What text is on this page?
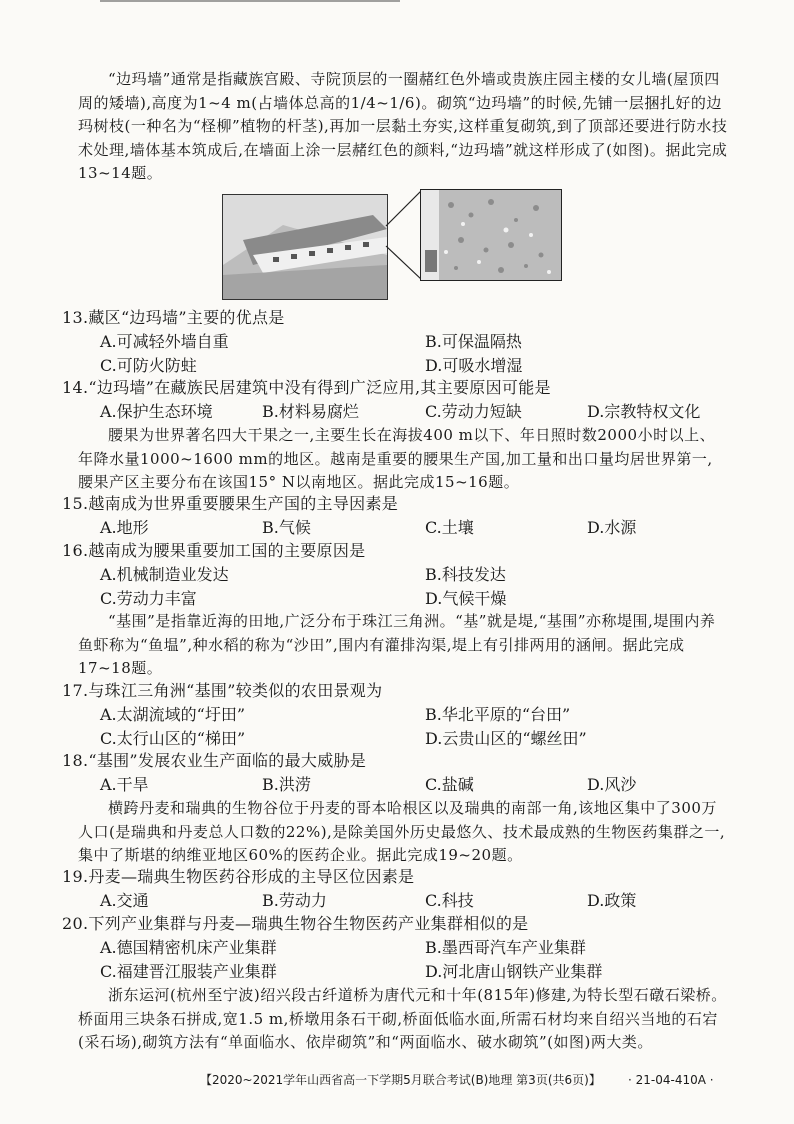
“边玛墙”通常是指藏族宫殿、寺院顶层的一圈赭红色外墙或贵族庄园主楼的女儿墙(屋顶四周的矮墙),高度为1~4 m(占墙体总高的1/4~1/6)。砌筑“边玛墙”的时候,先铺一层捆扎好的边玛树枝(一种名为“柽柳”植物的杆茎),再加一层黏土夯实,这样重复砌筑,到了顶部还要进行防水技术处理,墙体基本筑成后,在墙面上涂一层赭红色的颜料,“边玛墙”就这样形成了(如图)。据此完成13~14题。
13.藏区“边玛墙”主要的优点是
A.可减轻外墙自重	B.可保温隔热
C.可防火防蛀	D.可吸水增湿
14.“边玛墙”在藏族民居建筑中没有得到广泛应用,其主要原因可能是
A.保护生态环境	B.材料易腐烂	C.劳动力短缺	D.宗教特权文化
腰果为世界著名四大干果之一,主要生长在海拔400 m以下、年日照时数2000小时以上、年降水量1000~1600 mm的地区。越南是重要的腰果生产国,加工量和出口量均居世界第一,腰果产区主要分布在该国15° N以南地区。据此完成15~16题。
15.越南成为世界重要腰果生产国的主导因素是
A.地形	B.气候	C.土壤	D.水源
16.越南成为腰果重要加工国的主要原因是
A.机械制造业发达	B.科技发达
C.劳动力丰富	D.气候干燥
“基围”是指靠近海的田地,广泛分布于珠江三角洲。“基”就是堤,“基围”亦称堤围,堤围内养鱼虾称为“鱼塭”,种水稻的称为“沙田”,围内有灌排沟渠,堤上有引排两用的涵闸。据此完成17~18题。
17.与珠江三角洲“基围”较类似的农田景观为
A.太湖流域的“圩田”	B.华北平原的“台田”
C.太行山区的“梯田”	D.云贵山区的“螺丝田”
18.“基围”发展农业生产面临的最大威胁是
A.干旱	B.洪涝	C.盐碱	D.风沙
横跨丹麦和瑞典的生物谷位于丹麦的哥本哈根区以及瑞典的南部一角,该地区集中了300万人口(是瑞典和丹麦总人口数的22%),是除美国外历史最悠久、技术最成熟的生物医药集群之一,集中了斯堪的纳维亚地区60%的医药企业。据此完成19~20题。
19.丹麦—瑞典生物医药谷形成的主导区位因素是
A.交通	B.劳动力	C.科技	D.政策
20.下列产业集群与丹麦—瑞典生物谷生物医药产业集群相似的是
A.德国精密机床产业集群	B.墨西哥汽车产业集群
C.福建晋江服装产业集群	D.河北唐山钢铁产业集群
浙东运河(杭州至宁波)绍兴段古纤道桥为唐代元和十年(815年)修建,为特长型石礅石梁桥。桥面用三块条石拼成,宽1.5 m,桥墩用条石干砌,桥面低临水面,所需石材均来自绍兴当地的石宕(采石场),砌筑方法有“单面临水、依岸砌筑”和“两面临水、破水砌筑”(如图)两大类。
【2020~2021学年山西省高一下学期5月联合考试(B)地理 第3页(共6页)】 · 21-04-410A ·
